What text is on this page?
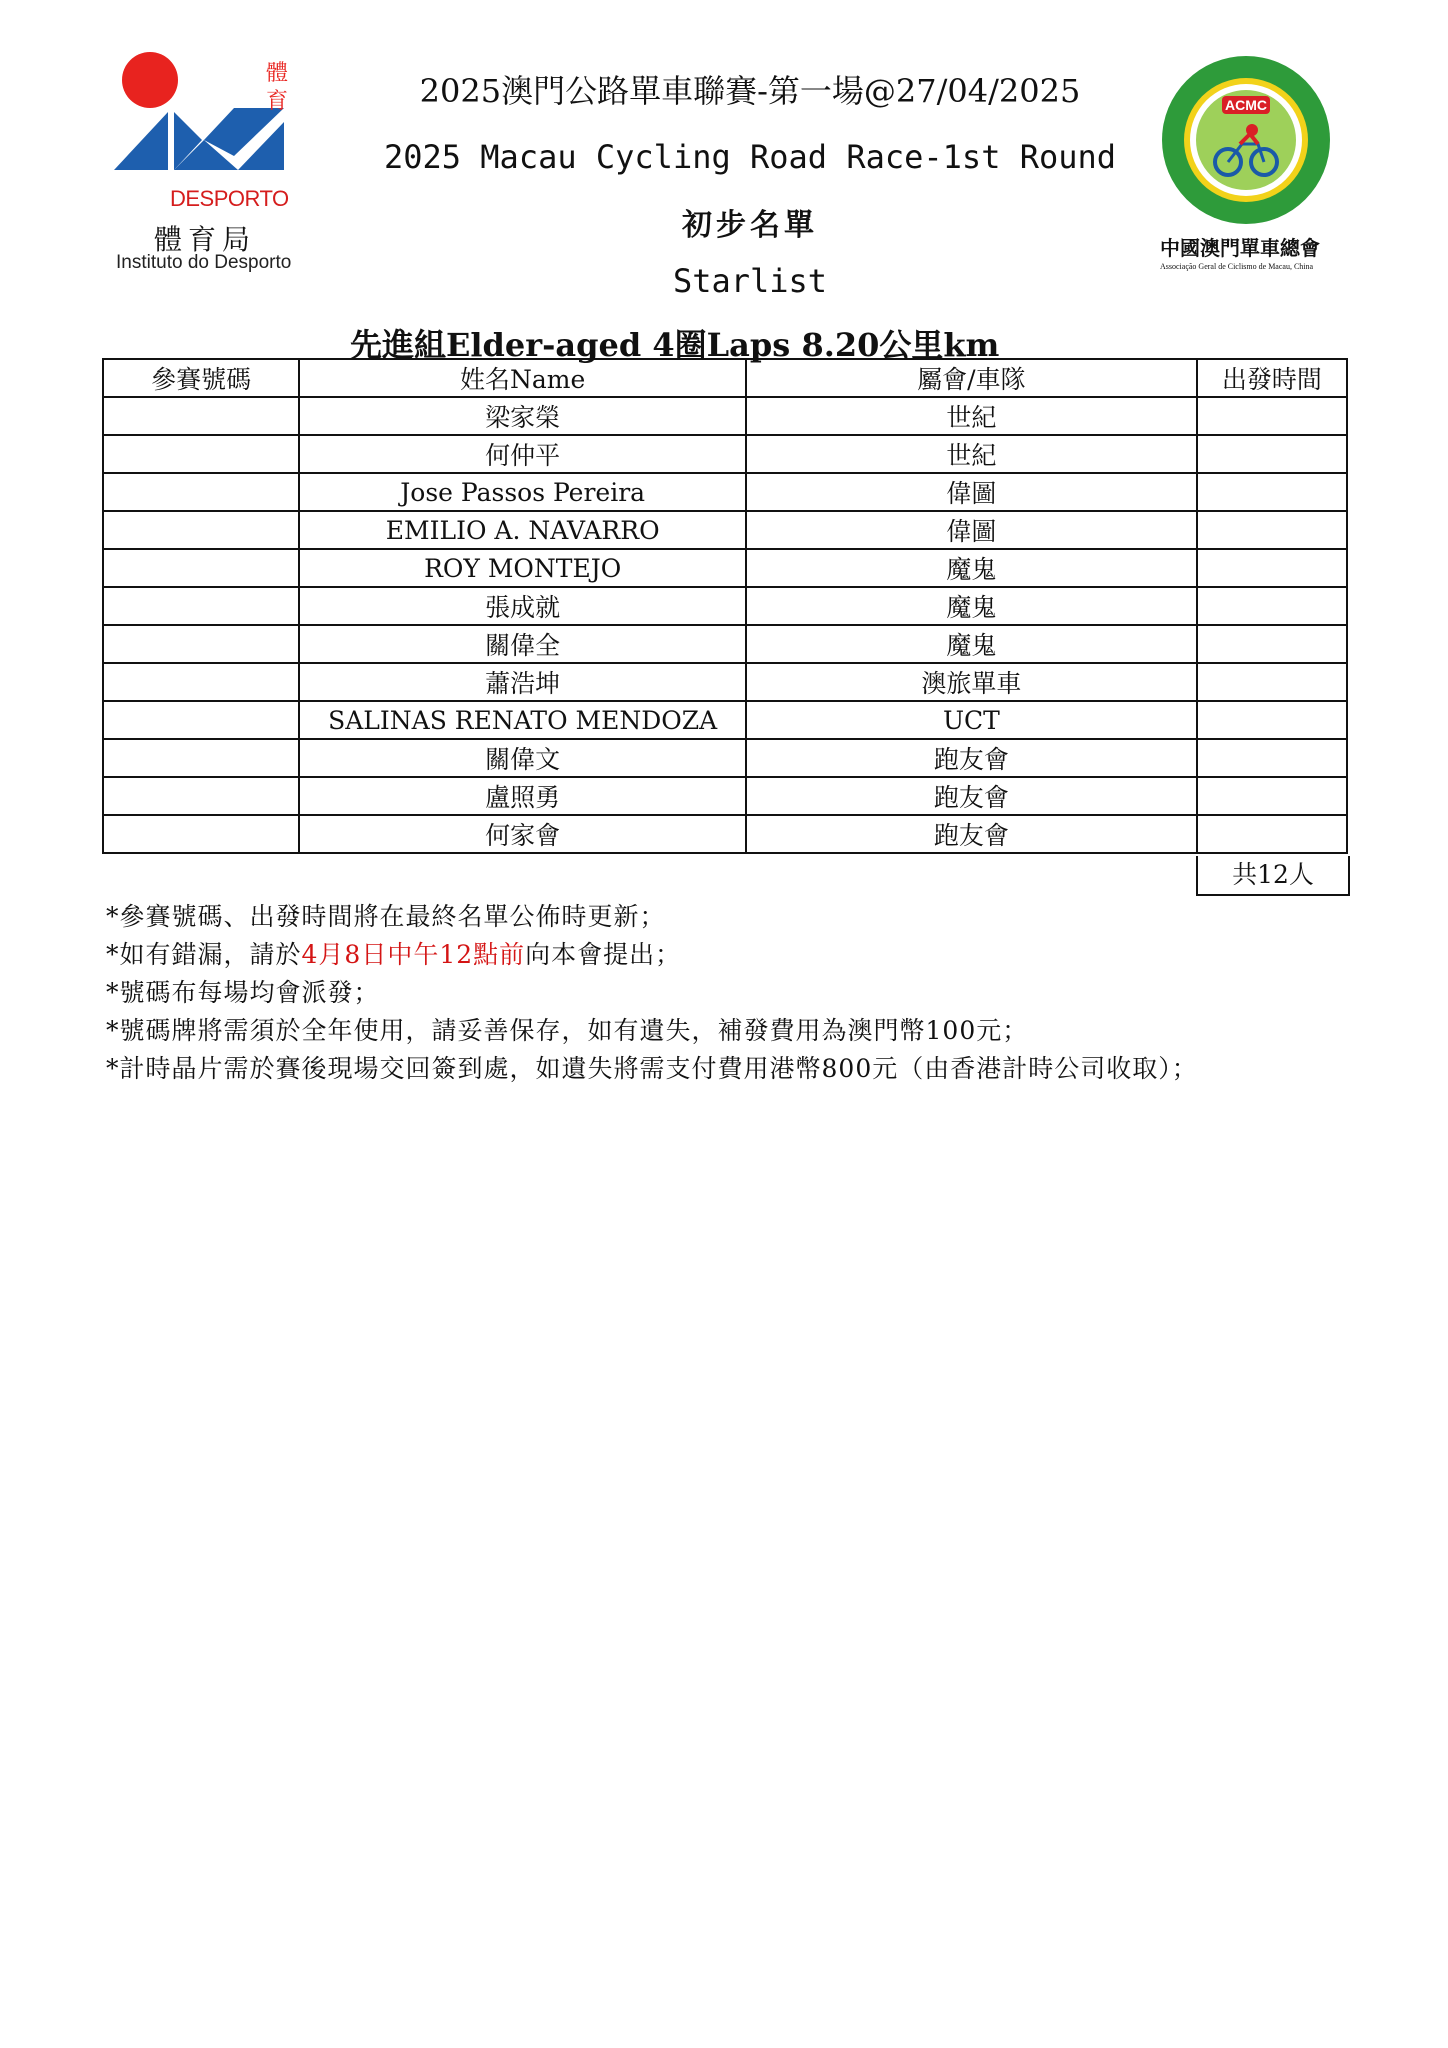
體育
DESPORTO
體育局
Instituto do Desporto
ACMC
中國澳門單車總會
Associação Geral de Ciclismo de Macau, China
2025澳門公路單車聯賽-第一場@27/04/2025
2025 Macau Cycling Road Race-1st Round
初步名單
Starlist
先進組Elder-aged 4圈Laps 8.20公里km
參賽號碼	姓名Name	屬會/車隊	出發時間
	梁家榮	世紀	
	何仲平	世紀	
	Jose Passos Pereira	偉圖	
	EMILIO A. NAVARRO	偉圖	
	ROY MONTEJO	魔鬼	
	張成就	魔鬼	
	關偉全	魔鬼	
	蕭浩坤	澳旅單車	
	SALINAS RENATO MENDOZA	UCT	
	關偉文	跑友會	
	盧照勇	跑友會	
	何家會	跑友會	
共12人
*參賽號碼、出發時間將在最終名單公佈時更新；
*如有錯漏，請於4月8日中午12點前向本會提出；
*號碼布每場均會派發；
*號碼牌將需須於全年使用，請妥善保存，如有遺失，補發費用為澳門幣100元；
*計時晶片需於賽後現場交回簽到處，如遺失將需支付費用港幣800元（由香港計時公司收取）；
